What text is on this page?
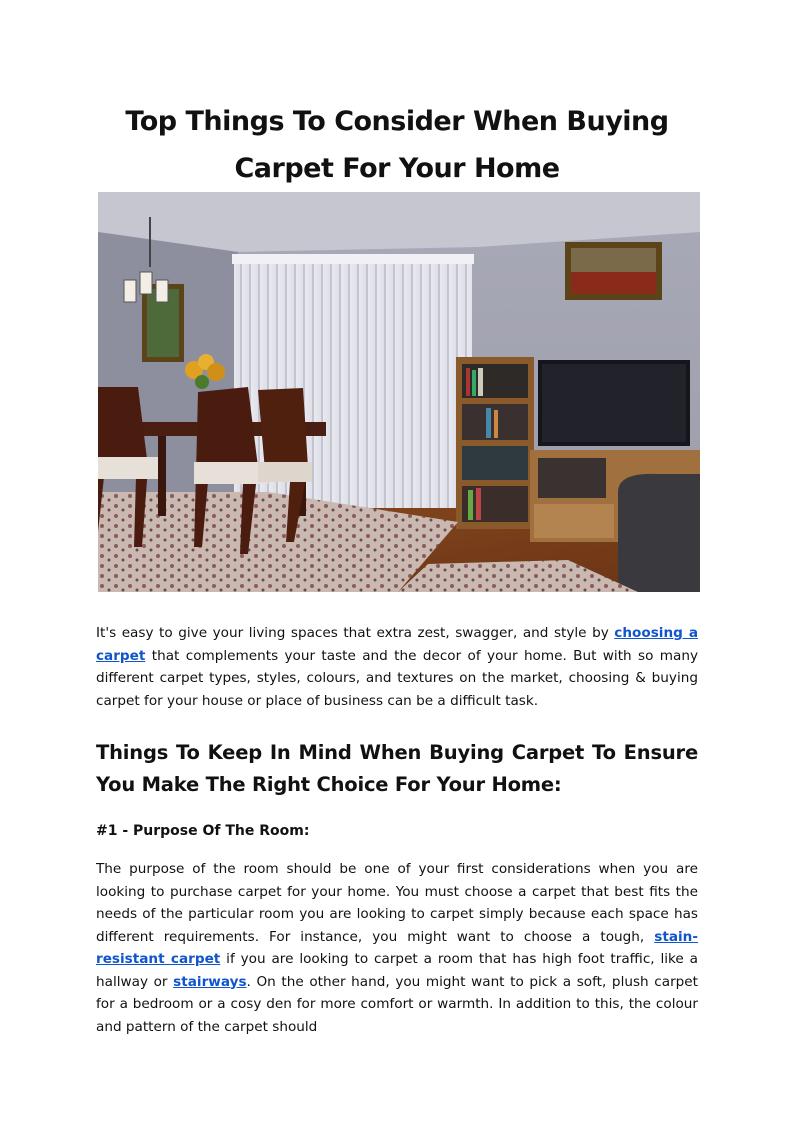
Top Things To Consider When Buying
Carpet For Your Home

It's easy to give your living spaces that extra zest, swagger, and style by choosing a carpet that complements your taste and the decor of your home. But with so many different carpet types, styles, colours, and textures on the market, choosing & buying carpet for your house or place of business can be a difficult task.

Things To Keep In Mind When Buying Carpet To Ensure You Make The Right Choice For Your Home:
#1 - Purpose Of The Room:

The purpose of the room should be one of your first considerations when you are looking to purchase carpet for your home. You must choose a carpet that best fits the needs of the particular room you are looking to carpet simply because each space has different requirements. For instance, you might want to choose a tough, stain-resistant carpet if you are looking to carpet a room that has high foot traffic, like a hallway or stairways. On the other hand, you might want to pick a soft, plush carpet for a bedroom or a cosy den for more comfort or warmth. In addition to this, the colour and pattern of the carpet should
